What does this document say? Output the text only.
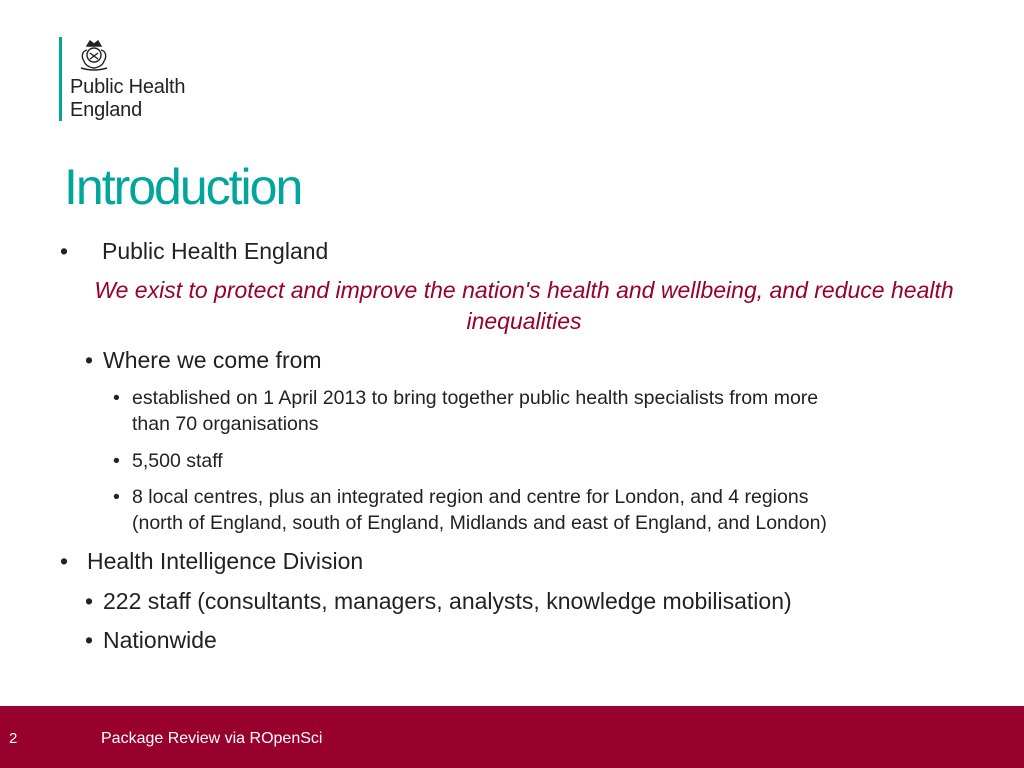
Public Health
England
Introduction
• Public Health England
We exist to protect and improve the nation's health and wellbeing, and reduce health inequalities
• Where we come from
• established on 1 April 2013 to bring together public health specialists from more
than 70 organisations
• 5,500 staff
• 8 local centres, plus an integrated region and centre for London, and 4 regions
(north of England, south of England, Midlands and east of England, and London)
• Health Intelligence Division
• 222 staff (consultants, managers, analysts, knowledge mobilisation)
• Nationwide
2	Package Review via ROpenSci
